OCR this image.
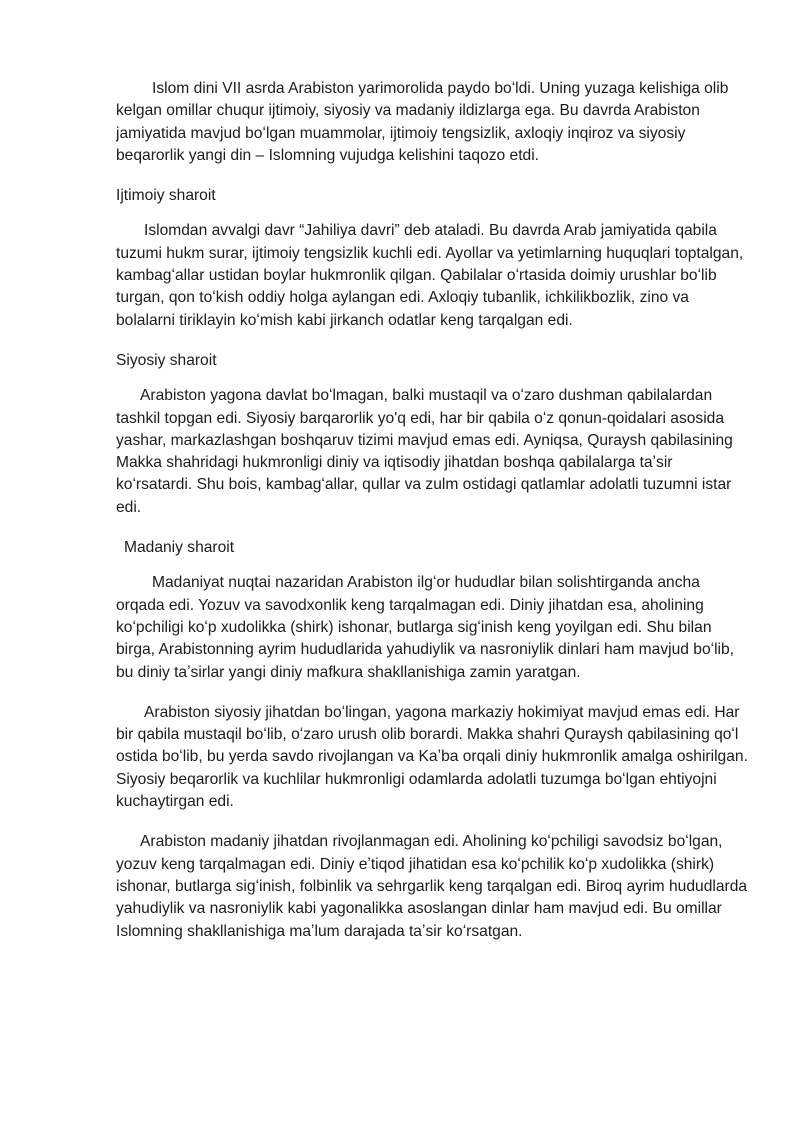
Islom dini VII asrda Arabiston yarimorolida paydo boʻldi. Uning yuzaga kelishiga olib kelgan omillar chuqur ijtimoiy, siyosiy va madaniy ildizlarga ega. Bu davrda Arabiston jamiyatida mavjud boʻlgan muammolar, ijtimoiy tengsizlik, axloqiy inqiroz va siyosiy beqarorlik yangi din – Islomning vujudga kelishini taqozo etdi.

Ijtimoiy sharoit

Islomdan avvalgi davr “Jahiliya davri” deb ataladi. Bu davrda Arab jamiyatida qabila tuzumi hukm surar, ijtimoiy tengsizlik kuchli edi. Ayollar va yetimlarning huquqlari toptalgan, kambagʻallar ustidan boylar hukmronlik qilgan. Qabilalar oʻrtasida doimiy urushlar boʻlib turgan, qon toʻkish oddiy holga aylangan edi. Axloqiy tubanlik, ichkilikbozlik, zino va bolalarni tiriklayin koʻmish kabi jirkanch odatlar keng tarqalgan edi.

Siyosiy sharoit

Arabiston yagona davlat boʻlmagan, balki mustaqil va oʻzaro dushman qabilalardan tashkil topgan edi. Siyosiy barqarorlik yo'q edi, har bir qabila oʻz qonun-qoidalari asosida yashar, markazlashgan boshqaruv tizimi mavjud emas edi. Ayniqsa, Quraysh qabilasining Makka shahridagi hukmronligi diniy va iqtisodiy jihatdan boshqa qabilalarga taʼsir koʻrsatardi. Shu bois, kambagʻallar, qullar va zulm ostidagi qatlamlar adolatli tuzumni istar edi.

Madaniy sharoit

Madaniyat nuqtai nazaridan Arabiston ilgʻor hududlar bilan solishtirganda ancha orqada edi. Yozuv va savodxonlik keng tarqalmagan edi. Diniy jihatdan esa, aholining koʻpchiligi koʻp xudolikka (shirk) ishonar, butlarga sigʻinish keng yoyilgan edi. Shu bilan birga, Arabistonning ayrim hududlarida yahudiylik va nasroniylik dinlari ham mavjud boʻlib, bu diniy taʼsirlar yangi diniy mafkura shakllanishiga zamin yaratgan.

Arabiston siyosiy jihatdan boʻlingan, yagona markaziy hokimiyat mavjud emas edi. Har bir qabila mustaqil boʻlib, oʻzaro urush olib borardi. Makka shahri Quraysh qabilasining qoʻl ostida boʻlib, bu yerda savdo rivojlangan va Kaʼba orqali diniy hukmronlik amalga oshirilgan. Siyosiy beqarorlik va kuchlilar hukmronligi odamlarda adolatli tuzumga boʻlgan ehtiyojni kuchaytirgan edi.

Arabiston madaniy jihatdan rivojlanmagan edi. Aholining koʻpchiligi savodsiz boʻlgan, yozuv keng tarqalmagan edi. Diniy eʼtiqod jihatidan esa koʻpchilik koʻp xudolikka (shirk) ishonar, butlarga sigʻinish, folbinlik va sehrgarlik keng tarqalgan edi. Biroq ayrim hududlarda yahudiylik va nasroniylik kabi yagonalikka asoslangan dinlar ham mavjud edi. Bu omillar Islomning shakllanishiga maʼlum darajada taʼsir koʻrsatgan.
